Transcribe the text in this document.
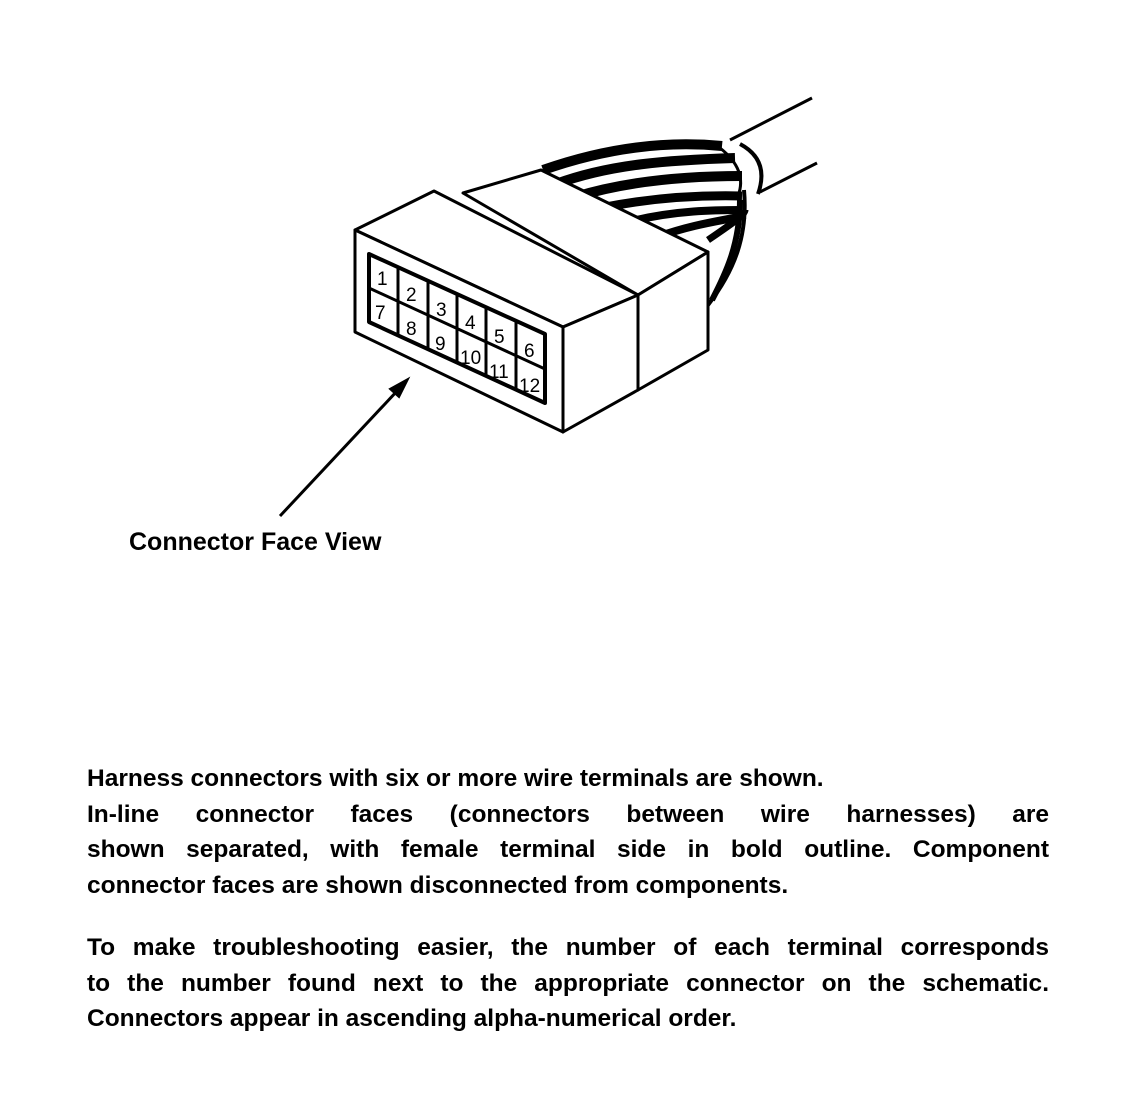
1
2
3
4
5
6
7
8
9
10
11
12
Connector Face View

Harness connectors with six or more wire terminals are shown.

In-line connector faces (connectors between wire harnesses) are

shown separated, with female terminal side in bold outline. Component

connector faces are shown disconnected from components.

To make troubleshooting easier, the number of each terminal corresponds

to the number found next to the appropriate connector on the schematic.

Connectors appear in ascending alpha-numerical order.
